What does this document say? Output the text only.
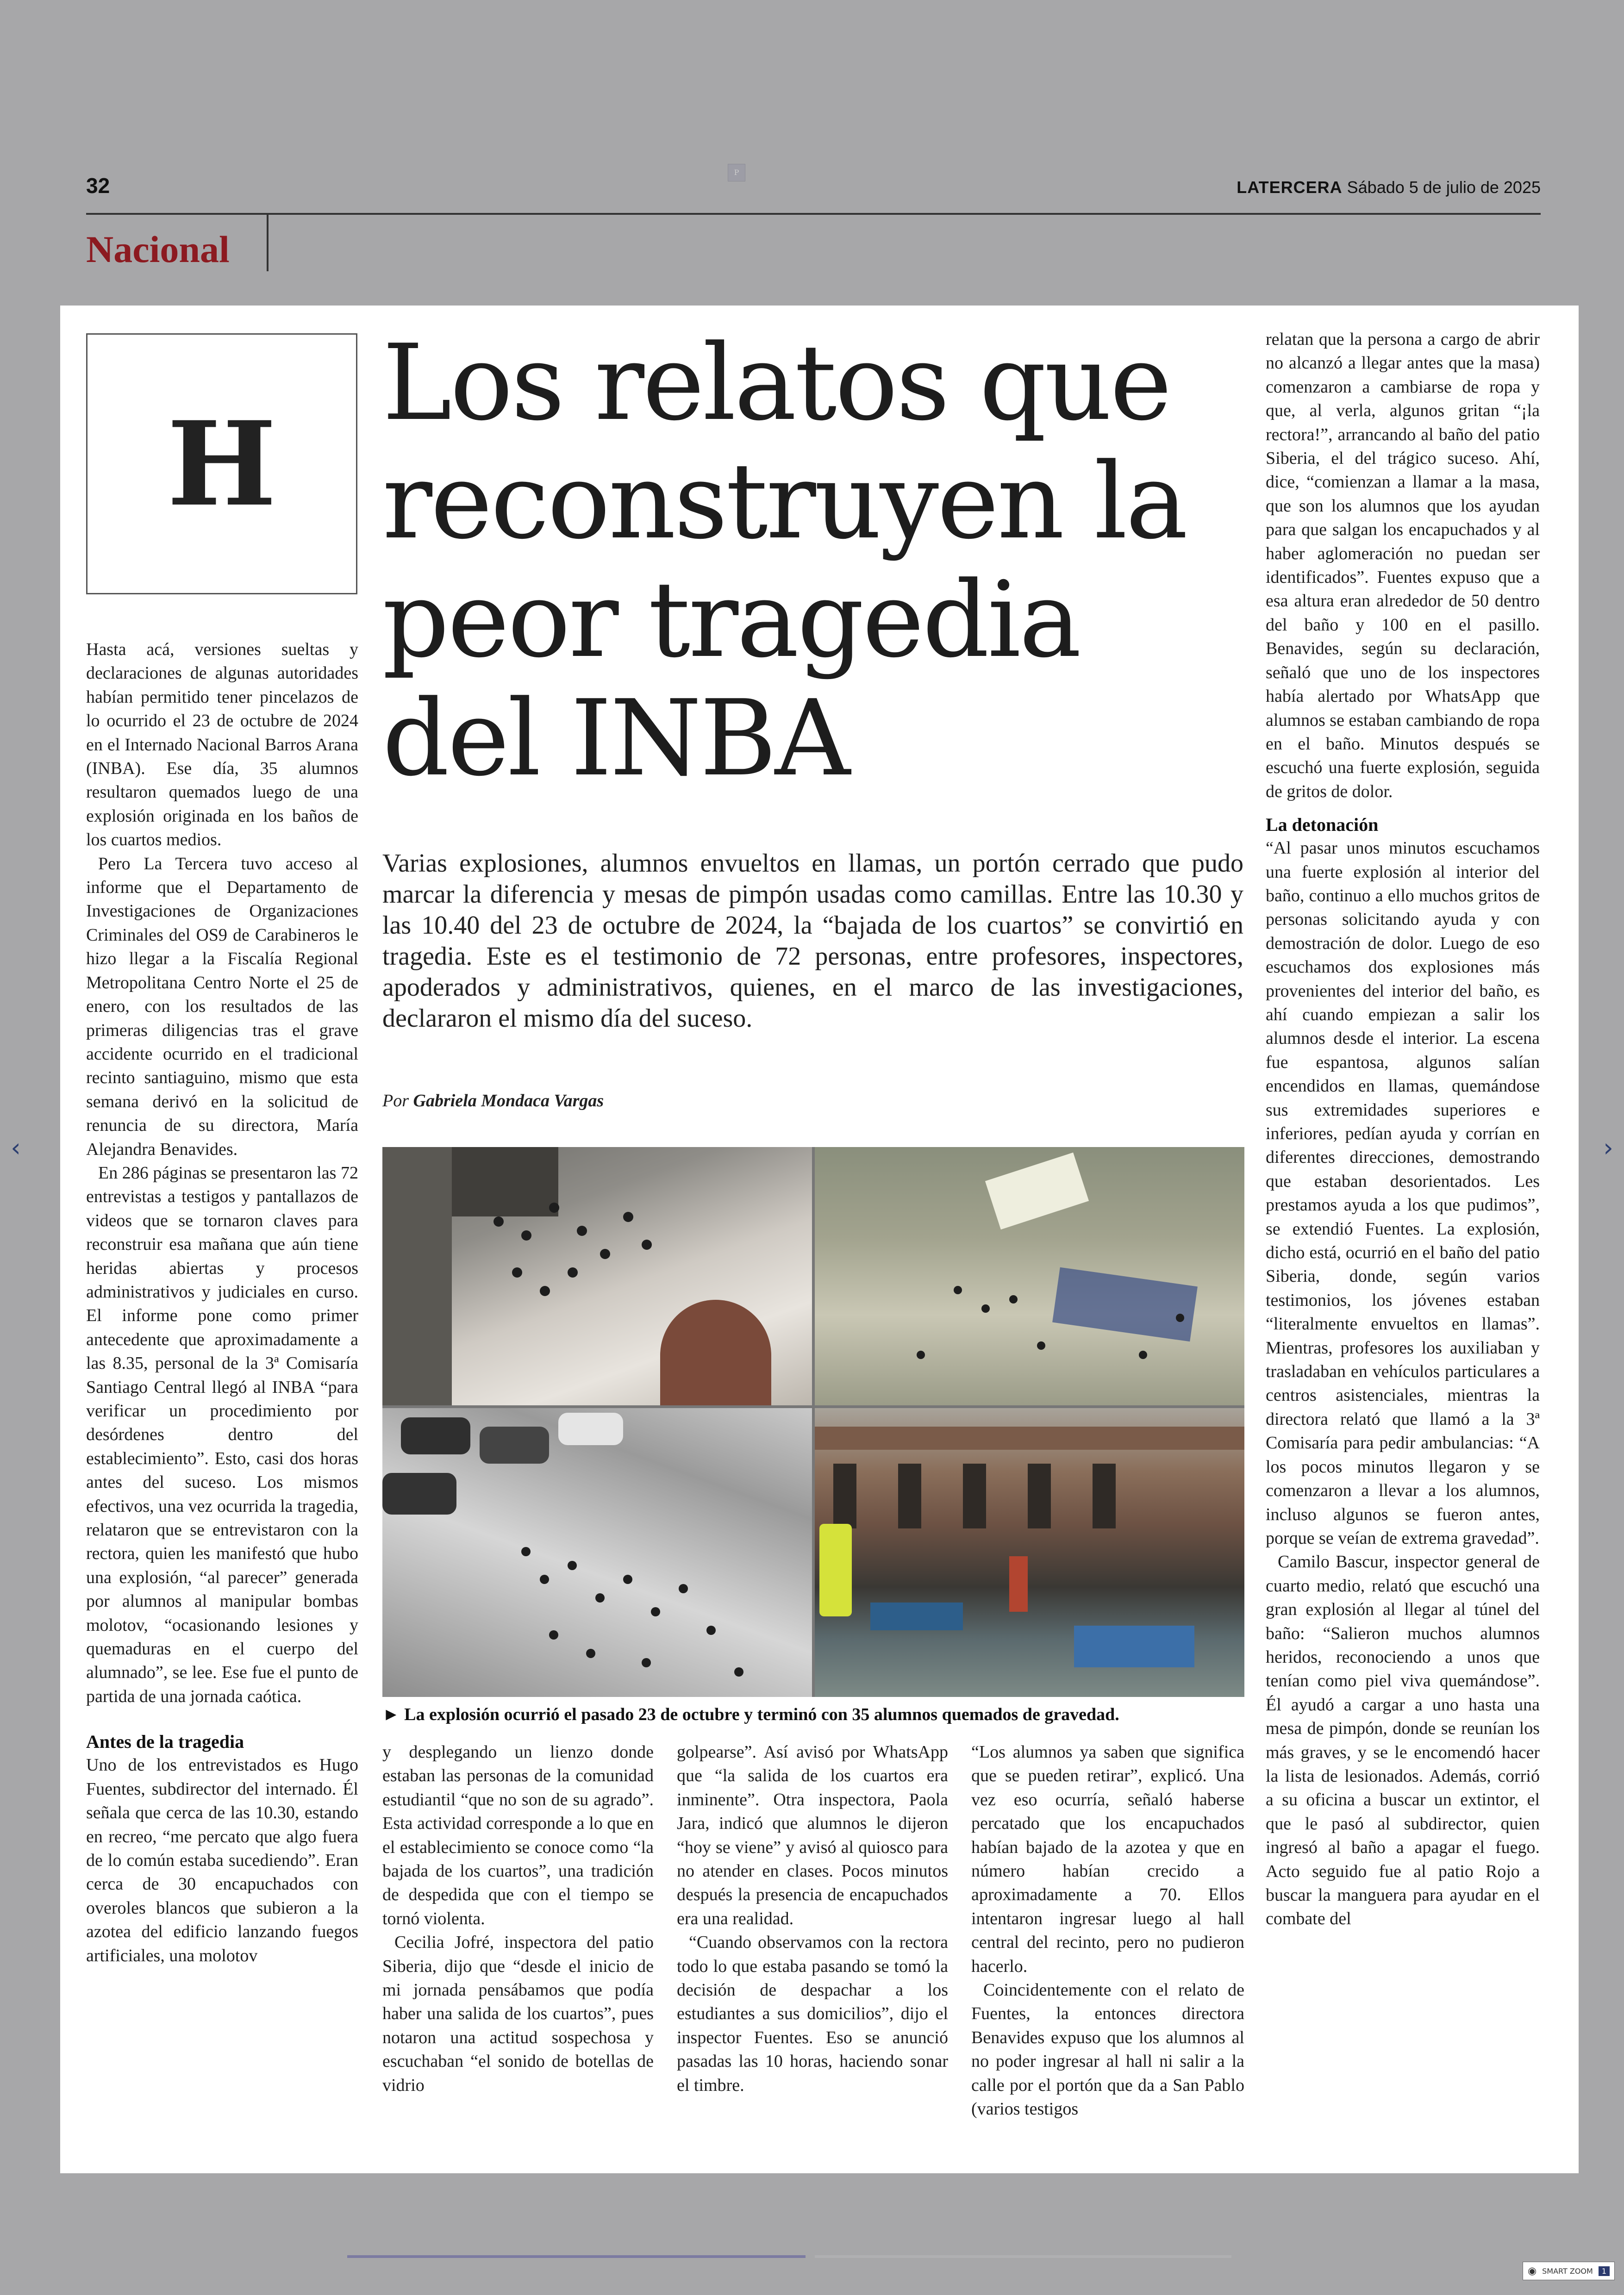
32
P
LATERCERA Sábado 5 de julio de 2025
Nacional
H
Los relatos que reconstruyen la peor tragedia del INBA
Varias explosiones, alumnos envueltos en llamas, un portón cerrado que pudo marcar la diferencia y mesas de pimpón usadas como camillas. Entre las 10.30 y las 10.40 del 23 de octubre de 2024, la “bajada de los cuartos” se convirtió en tragedia. Este es el testimonio de 72 personas, entre profesores, inspectores, apoderados y administrativos, quienes, en el marco de las investigaciones, declararon el mismo día del suceso.
Por Gabriela Mondaca Vargas
► La explosión ocurrió el pasado 23 de octubre y terminó con 35 alumnos quemados de gravedad.

Hasta acá, versiones sueltas y declaraciones de algunas autoridades habían permitido tener pincelazos de lo ocurrido el 23 de octubre de 2024 en el Internado Nacional Barros Arana (INBA). Ese día, 35 alumnos resultaron quemados luego de una explosión originada en los baños de los cuartos medios.

Pero La Tercera tuvo acceso al informe que el Departamento de Investigaciones de Organizaciones Criminales del OS9 de Carabineros le hizo llegar a la Fiscalía Regional Metropolitana Centro Norte el 25 de enero, con los resultados de las primeras diligencias tras el grave accidente ocurrido en el tradicional recinto santiaguino, mismo que esta semana derivó en la solicitud de renuncia de su directora, María Alejandra Benavides.

En 286 páginas se presentaron las 72 entrevistas a testigos y pantallazos de videos que se tornaron claves para reconstruir esa mañana que aún tiene heridas abiertas y procesos administrativos y judiciales en curso. El informe pone como primer antecedente que aproximadamente a las 8.35, personal de la 3ª Comisaría Santiago Central llegó al INBA “para verificar un procedimiento por desórdenes dentro del establecimiento”. Esto, casi dos horas antes del suceso. Los mismos efectivos, una vez ocurrida la tragedia, relataron que se entrevistaron con la rectora, quien les manifestó que hubo una explosión, “al parecer” generada por alumnos al manipular bombas molotov, “ocasionando lesiones y quemaduras en el cuerpo del alumnado”, se lee. Ese fue el punto de partida de una jornada caótica.

Antes de la tragedia

Uno de los entrevistados es Hugo Fuentes, subdirector del internado. Él señala que cerca de las 10.30, estando en recreo, “me percato que algo fuera de lo común estaba sucediendo”. Eran cerca de 30 encapuchados con overoles blancos que subieron a la azotea del edificio lanzando fuegos artificiales, una molotov

y desplegando un lienzo donde estaban las personas de la comunidad estudiantil “que no son de su agrado”. Esta actividad corresponde a lo que en el establecimiento se conoce como “la bajada de los cuartos”, una tradición de despedida que con el tiempo se tornó violenta.

Cecilia Jofré, inspectora del patio Siberia, dijo que “desde el inicio de mi jornada pensábamos que podía haber una salida de los cuartos”, pues notaron una actitud sospechosa y escuchaban “el sonido de botellas de vidrio

golpearse”. Así avisó por WhatsApp que “la salida de los cuartos era inminente”. Otra inspectora, Paola Jara, indicó que alumnos le dijeron “hoy se viene” y avisó al quiosco para no atender en clases. Pocos minutos después la presencia de encapuchados era una realidad.

“Cuando observamos con la rectora todo lo que estaba pasando se tomó la decisión de despachar a los estudiantes a sus domicilios”, dijo el inspector Fuentes. Eso se anunció pasadas las 10 horas, haciendo sonar el timbre.

“Los alumnos ya saben que significa que se pueden retirar”, explicó. Una vez eso ocurría, señaló haberse percatado que los encapuchados habían bajado de la azotea y que en número habían crecido a aproximadamente a 70. Ellos intentaron ingresar luego al hall central del recinto, pero no pudieron hacerlo.

Coincidentemente con el relato de Fuentes, la entonces directora Benavides expuso que los alumnos al no poder ingresar al hall ni salir a la calle por el portón que da a San Pablo (varios testigos

relatan que la persona a cargo de abrir no alcanzó a llegar antes que la masa) comenzaron a cambiarse de ropa y que, al verla, algunos gritan “¡la rectora!”, arrancando al baño del patio Siberia, el del trágico suceso. Ahí, dice, “comienzan a llamar a la masa, que son los alumnos que los ayudan para que salgan los encapuchados y al haber aglomeración no puedan ser identificados”. Fuentes expuso que a esa altura eran alrededor de 50 dentro del baño y 100 en el pasillo. Benavides, según su declaración, señaló que uno de los inspectores había alertado por WhatsApp que alumnos se estaban cambiando de ropa en el baño. Minutos después se escuchó una fuerte explosión, seguida de gritos de dolor.

La detonación

“Al pasar unos minutos escuchamos una fuerte explosión al interior del baño, continuo a ello muchos gritos de personas solicitando ayuda y con demostración de dolor. Luego de eso escuchamos dos explosiones más provenientes del interior del baño, es ahí cuando empiezan a salir los alumnos desde el interior. La escena fue espantosa, algunos salían encendidos en llamas, quemándose sus extremidades superiores e inferiores, pedían ayuda y corrían en diferentes direcciones, demostrando que estaban desorientados. Les prestamos ayuda a los que pudimos”, se extendió Fuentes. La explosión, dicho está, ocurrió en el baño del patio Siberia, donde, según varios testimonios, los jóvenes estaban “literalmente envueltos en llamas”. Mientras, profesores los auxiliaban y trasladaban en vehículos particulares a centros asistenciales, mientras la directora relató que llamó a la 3ª Comisaría para pedir ambulancias: “A los pocos minutos llegaron y se comenzaron a llevar a los alumnos, incluso algunos se fueron antes, porque se veían de extrema gravedad”.

Camilo Bascur, inspector general de cuarto medio, relató que escuchó una gran explosión al llegar al túnel del baño: “Salieron muchos alumnos heridos, reconociendo a unos que tenían como piel viva quemándose”. Él ayudó a cargar a uno hasta una mesa de pimpón, donde se reunían los más graves, y se le encomendó hacer la lista de lesionados. Además, corrió a su oficina a buscar un extintor, el que le pasó al subdirector, quien ingresó al baño a apagar el fuego. Acto seguido fue al patio Rojo a buscar la manguera para ayudar en el combate del

‹	›
◉ SMART ZOOM	1
